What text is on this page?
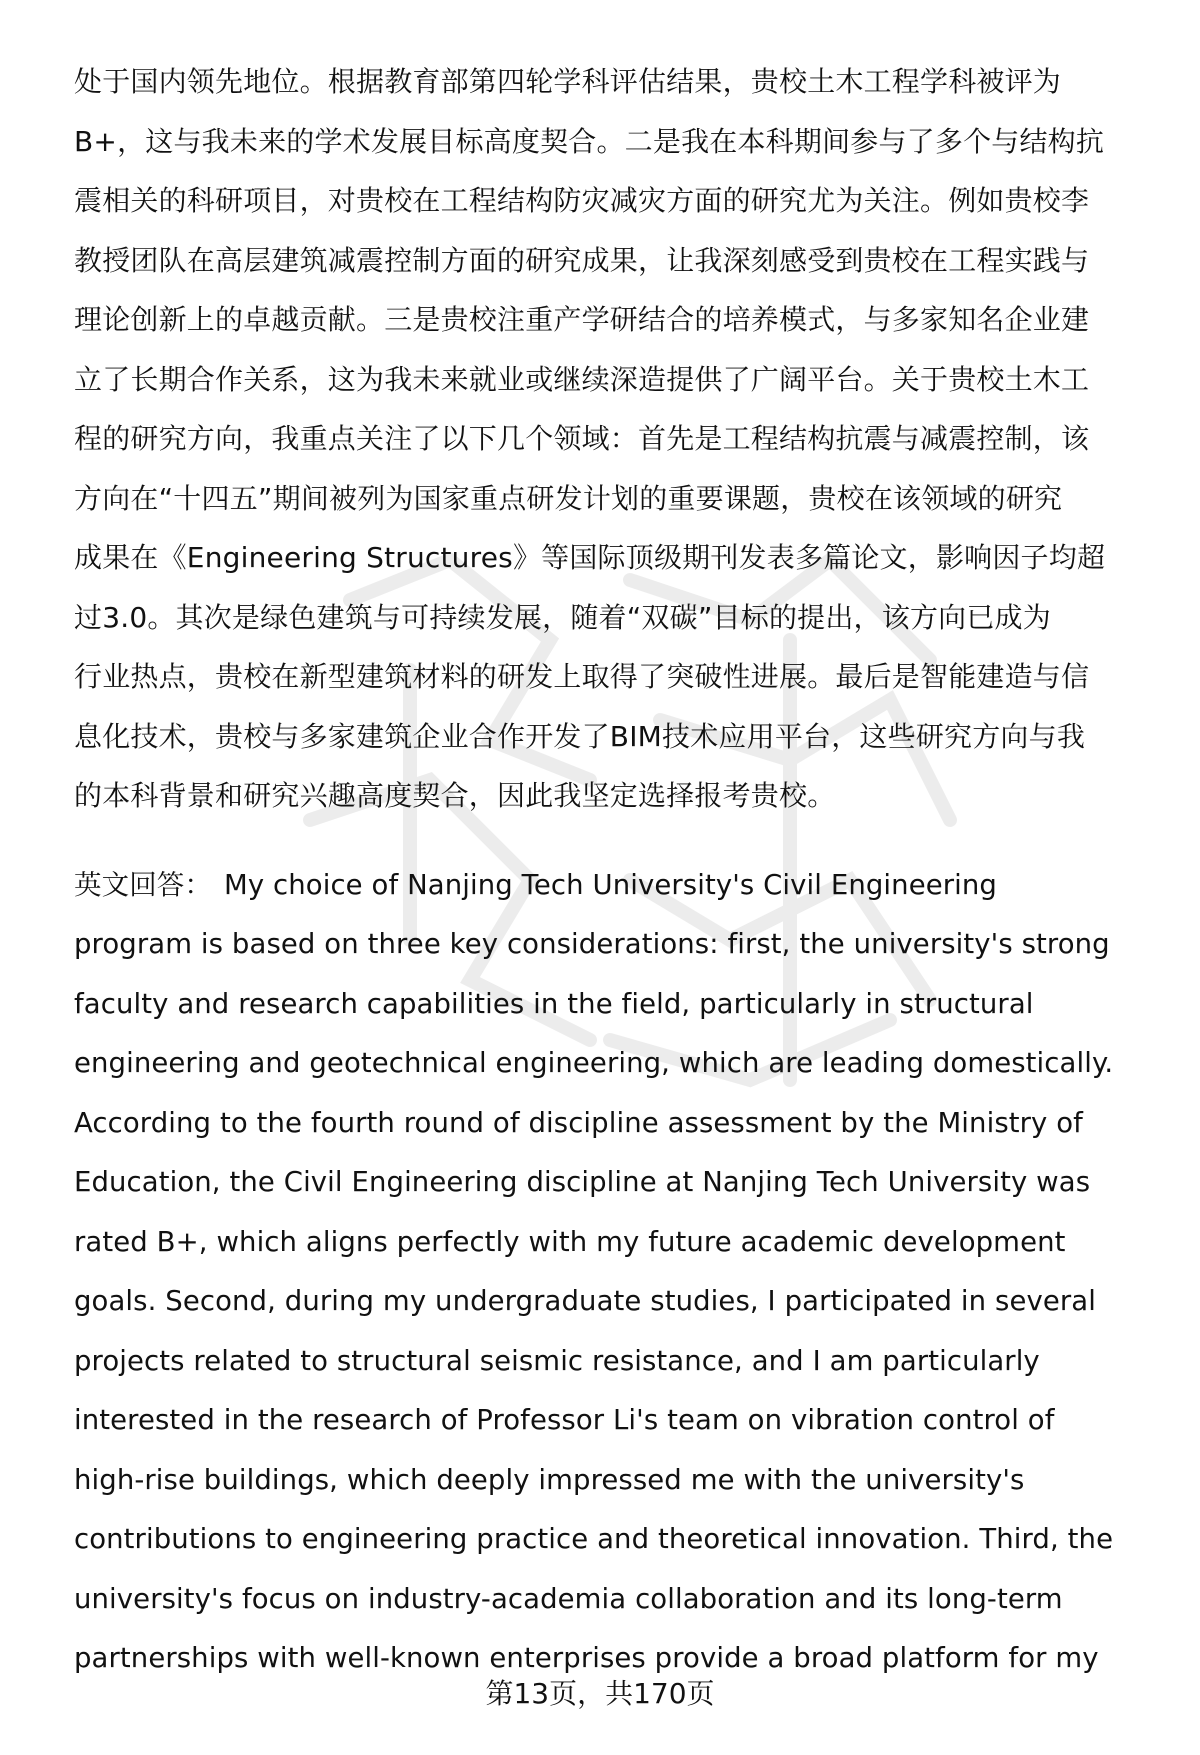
处于国内领先地位。根据教育部第四轮学科评估结果，贵校土木工程学科被评为
B+，这与我未来的学术发展目标高度契合。二是我在本科期间参与了多个与结构抗
震相关的科研项目，对贵校在工程结构防灾减灾方面的研究尤为关注。例如贵校李
教授团队在高层建筑减震控制方面的研究成果，让我深刻感受到贵校在工程实践与
理论创新上的卓越贡献。三是贵校注重产学研结合的培养模式，与多家知名企业建
立了长期合作关系，这为我未来就业或继续深造提供了广阔平台。关于贵校土木工
程的研究方向，我重点关注了以下几个领域：首先是工程结构抗震与减震控制，该
方向在“十四五”期间被列为国家重点研发计划的重要课题，贵校在该领域的研究
成果在《Engineering Structures》等国际顶级期刊发表多篇论文，影响因子均超
过3.0。其次是绿色建筑与可持续发展，随着“双碳”目标的提出，该方向已成为
行业热点，贵校在新型建筑材料的研发上取得了突破性进展。最后是智能建造与信
息化技术，贵校与多家建筑企业合作开发了BIM技术应用平台，这些研究方向与我
的本科背景和研究兴趣高度契合，因此我坚定选择报考贵校。
英文回答： My choice of Nanjing Tech University's Civil Engineering
program is based on three key considerations: first, the university's strong
faculty and research capabilities in the field, particularly in structural
engineering and geotechnical engineering, which are leading domestically.
According to the fourth round of discipline assessment by the Ministry of
Education, the Civil Engineering discipline at Nanjing Tech University was
rated B+, which aligns perfectly with my future academic development
goals. Second, during my undergraduate studies, I participated in several
projects related to structural seismic resistance, and I am particularly
interested in the research of Professor Li's team on vibration control of
high-rise buildings, which deeply impressed me with the university's
contributions to engineering practice and theoretical innovation. Third, the
university's focus on industry-academia collaboration and its long-term
partnerships with well-known enterprises provide a broad platform for my
第13页，共170页
